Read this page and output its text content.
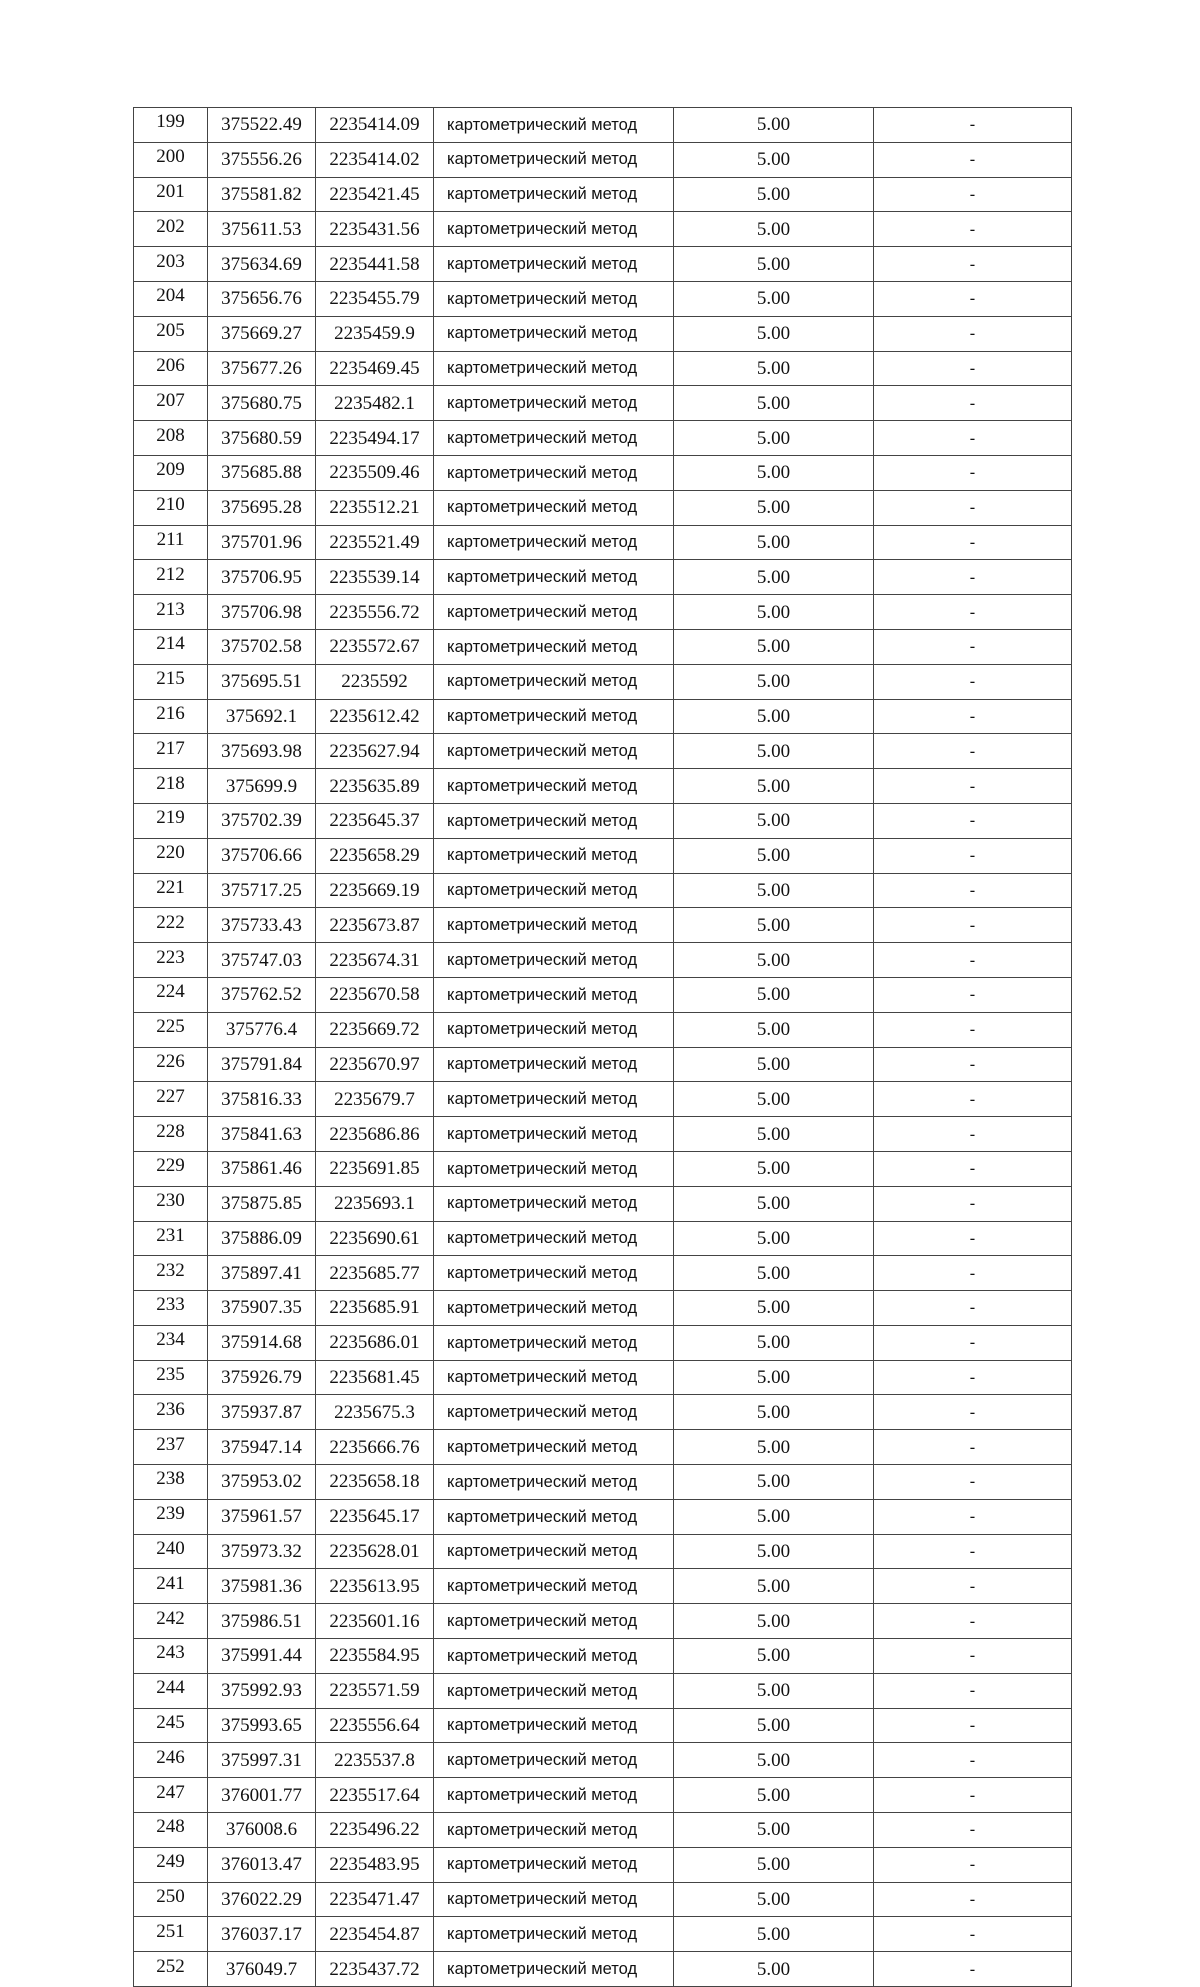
199	375522.49	2235414.09	картометрический метод	5.00	-
200	375556.26	2235414.02	картометрический метод	5.00	-
201	375581.82	2235421.45	картометрический метод	5.00	-
202	375611.53	2235431.56	картометрический метод	5.00	-
203	375634.69	2235441.58	картометрический метод	5.00	-
204	375656.76	2235455.79	картометрический метод	5.00	-
205	375669.27	2235459.9	картометрический метод	5.00	-
206	375677.26	2235469.45	картометрический метод	5.00	-
207	375680.75	2235482.1	картометрический метод	5.00	-
208	375680.59	2235494.17	картометрический метод	5.00	-
209	375685.88	2235509.46	картометрический метод	5.00	-
210	375695.28	2235512.21	картометрический метод	5.00	-
211	375701.96	2235521.49	картометрический метод	5.00	-
212	375706.95	2235539.14	картометрический метод	5.00	-
213	375706.98	2235556.72	картометрический метод	5.00	-
214	375702.58	2235572.67	картометрический метод	5.00	-
215	375695.51	2235592	картометрический метод	5.00	-
216	375692.1	2235612.42	картометрический метод	5.00	-
217	375693.98	2235627.94	картометрический метод	5.00	-
218	375699.9	2235635.89	картометрический метод	5.00	-
219	375702.39	2235645.37	картометрический метод	5.00	-
220	375706.66	2235658.29	картометрический метод	5.00	-
221	375717.25	2235669.19	картометрический метод	5.00	-
222	375733.43	2235673.87	картометрический метод	5.00	-
223	375747.03	2235674.31	картометрический метод	5.00	-
224	375762.52	2235670.58	картометрический метод	5.00	-
225	375776.4	2235669.72	картометрический метод	5.00	-
226	375791.84	2235670.97	картометрический метод	5.00	-
227	375816.33	2235679.7	картометрический метод	5.00	-
228	375841.63	2235686.86	картометрический метод	5.00	-
229	375861.46	2235691.85	картометрический метод	5.00	-
230	375875.85	2235693.1	картометрический метод	5.00	-
231	375886.09	2235690.61	картометрический метод	5.00	-
232	375897.41	2235685.77	картометрический метод	5.00	-
233	375907.35	2235685.91	картометрический метод	5.00	-
234	375914.68	2235686.01	картометрический метод	5.00	-
235	375926.79	2235681.45	картометрический метод	5.00	-
236	375937.87	2235675.3	картометрический метод	5.00	-
237	375947.14	2235666.76	картометрический метод	5.00	-
238	375953.02	2235658.18	картометрический метод	5.00	-
239	375961.57	2235645.17	картометрический метод	5.00	-
240	375973.32	2235628.01	картометрический метод	5.00	-
241	375981.36	2235613.95	картометрический метод	5.00	-
242	375986.51	2235601.16	картометрический метод	5.00	-
243	375991.44	2235584.95	картометрический метод	5.00	-
244	375992.93	2235571.59	картометрический метод	5.00	-
245	375993.65	2235556.64	картометрический метод	5.00	-
246	375997.31	2235537.8	картометрический метод	5.00	-
247	376001.77	2235517.64	картометрический метод	5.00	-
248	376008.6	2235496.22	картометрический метод	5.00	-
249	376013.47	2235483.95	картометрический метод	5.00	-
250	376022.29	2235471.47	картометрический метод	5.00	-
251	376037.17	2235454.87	картометрический метод	5.00	-
252	376049.7	2235437.72	картометрический метод	5.00	-
